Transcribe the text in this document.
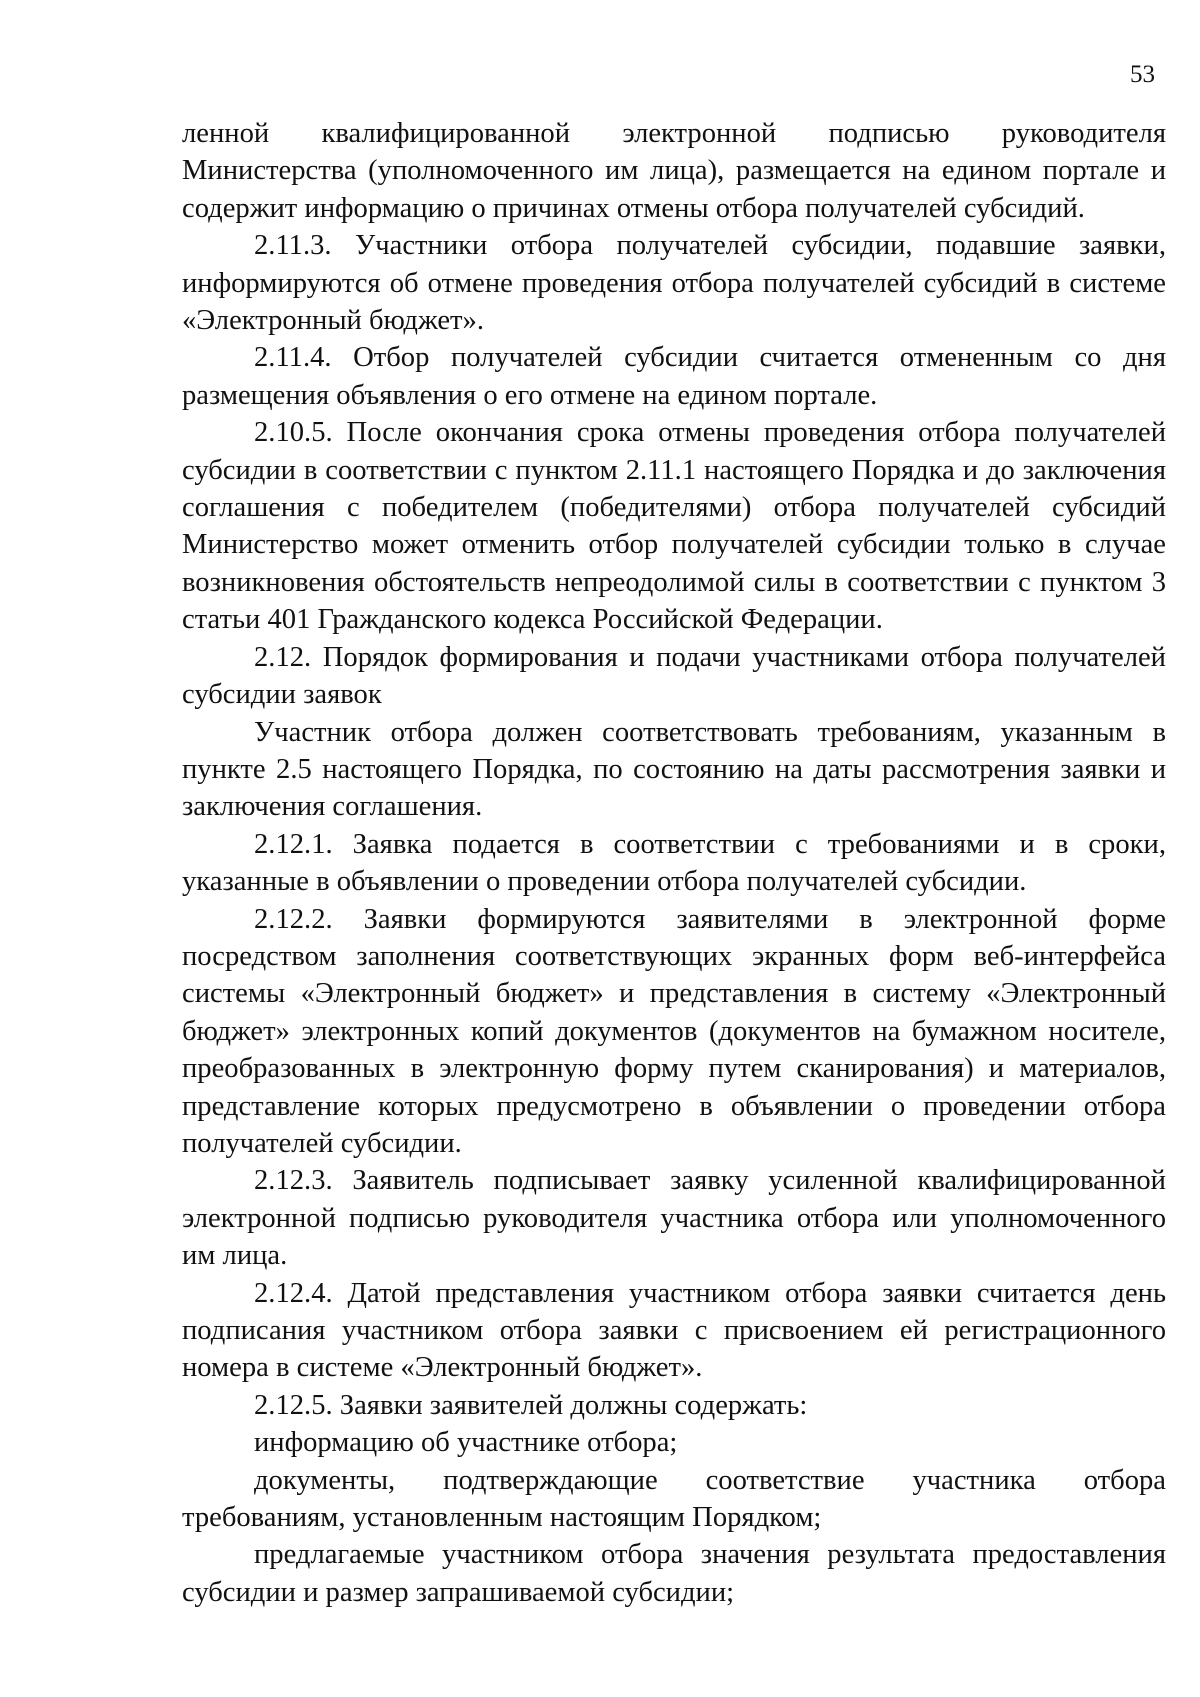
53

ленной квалифицированной электронной подписью руководителя Министерства (уполномоченного им лица), размещается на едином портале и содержит информацию о причинах отмены отбора получателей субсидий.

2.11.3. Участники отбора получателей субсидии, подавшие заявки, информируются об отмене проведения отбора получателей субсидий в системе «Электронный бюджет».

2.11.4. Отбор получателей субсидии считается отмененным со дня размещения объявления о его отмене на едином портале.

2.10.5. После окончания срока отмены проведения отбора получателей субсидии в соответствии с пунктом 2.11.1 настоящего Порядка и до заключения соглашения с победителем (победителями) отбора получателей субсидий Министерство может отменить отбор получателей субсидии только в случае возникновения обстоятельств непреодолимой силы в соответствии с пунктом 3 статьи 401 Гражданского кодекса Российской Федерации.

2.12. Порядок формирования и подачи участниками отбора получателей субсидии заявок

Участник отбора должен соответствовать требованиям, указанным в пункте 2.5 настоящего Порядка, по состоянию на даты рассмотрения заявки и заключения соглашения.

2.12.1. Заявка подается в соответствии с требованиями и в сроки, указанные в объявлении о проведении отбора получателей субсидии.

2.12.2. Заявки формируются заявителями в электронной форме посредством заполнения соответствующих экранных форм веб-интерфейса системы «Электронный бюджет» и представления в систему «Электронный бюджет» электронных копий документов (документов на бумажном носителе, преобразованных в электронную форму путем сканирования) и материалов, представление которых предусмотрено в объявлении о проведении отбора получателей субсидии.

2.12.3. Заявитель подписывает заявку усиленной квалифицированной электронной подписью руководителя участника отбора или уполномоченного им лица.

2.12.4. Датой представления участником отбора заявки считается день подписания участником отбора заявки с присвоением ей регистрационного номера в системе «Электронный бюджет».

2.12.5. Заявки заявителей должны содержать:

информацию об участнике отбора;

документы, подтверждающие соответствие участника отбора требованиям, установленным настоящим Порядком;

предлагаемые участником отбора значения результата предоставления субсидии и размер запрашиваемой субсидии;
